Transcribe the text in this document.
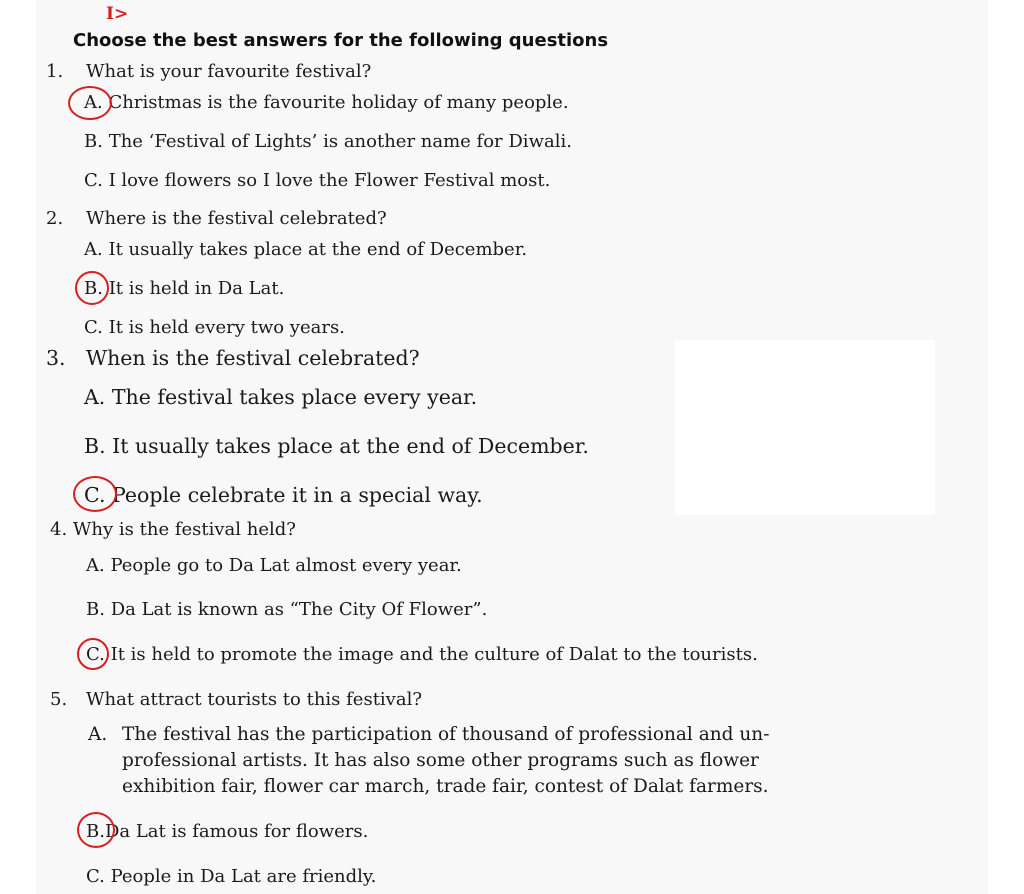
I>
Choose the best answers for the following questions
1. What is your favourite festival?
A. Christmas is the favourite holiday of many people.
B. The ‘Festival of Lights’ is another name for Diwali.
C. I love flowers so I love the Flower Festival most.
2. Where is the festival celebrated?
A. It usually takes place at the end of December.
B. It is held in Da Lat.
C. It is held every two years.
3. When is the festival celebrated?
A. The festival takes place every year.
B. It usually takes place at the end of December.
C. People celebrate it in a special way.
4. Why is the festival held?
A. People go to Da Lat almost every year.
B. Da Lat is known as “The City Of Flower”.
C. It is held to promote the image and the culture of Dalat to the tourists.
5. What attract tourists to this festival?
A. The festival has the participation of thousand of professional and un-
professional artists. It has also some other programs such as flower
exhibition fair, flower car march, trade fair, contest of Dalat farmers.
B.Da Lat is famous for flowers.
C. People in Da Lat are friendly.
